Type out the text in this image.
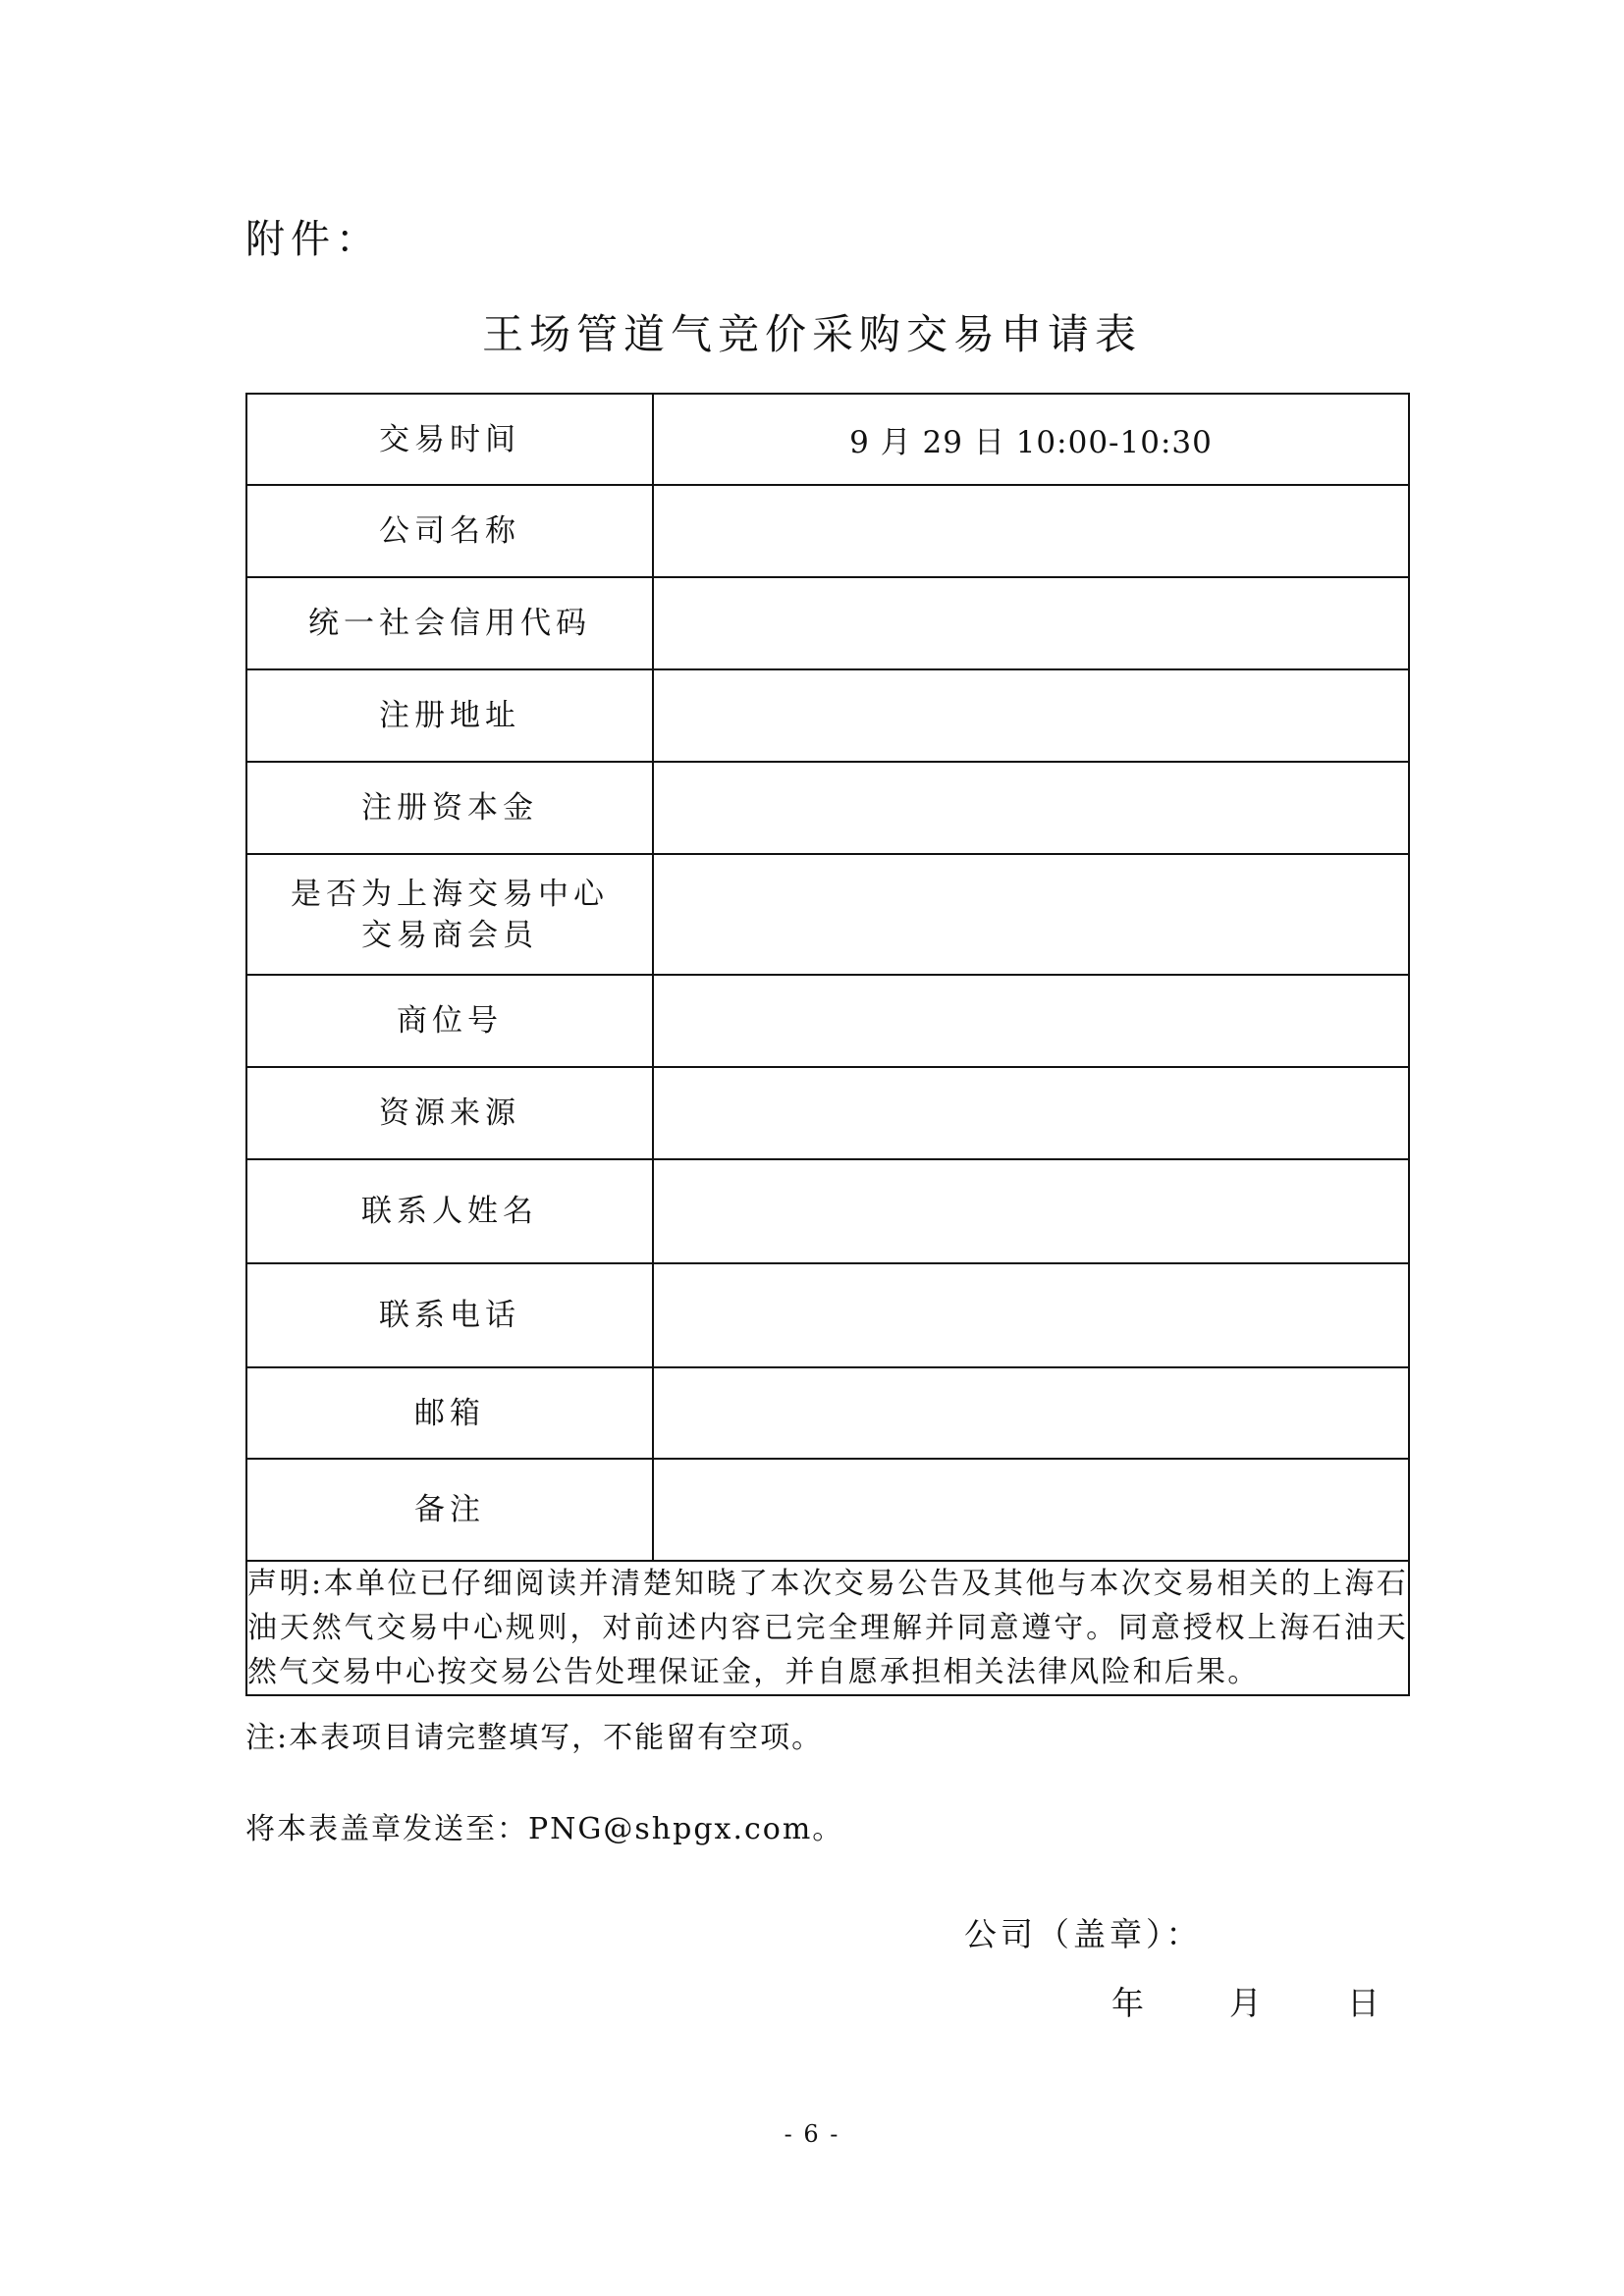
附件：
王场管道气竞价采购交易申请表
交易时间	9 月 29 日 10:00-10:30
公司名称	
统一社会信用代码	
注册地址	
注册资本金	

是否为上海交易中心
交易商会员	

商位号	
资源来源	
联系人姓名	
联系电话	
邮箱	
备注	
声明:本单位已仔细阅读并清楚知晓了本次交易公告及其他与本次交易相关的上海石油天然气交易中心规则，对前述内容已完全理解并同意遵守。同意授权上海石油天然气交易中心按交易公告处理保证金，并自愿承担相关法律风险和后果。	
注:本表项目请完整填写，不能留有空项。
将本表盖章发送至：PNG@shpgx.com。
公司（盖章）：
年	月	日
- 6 -
